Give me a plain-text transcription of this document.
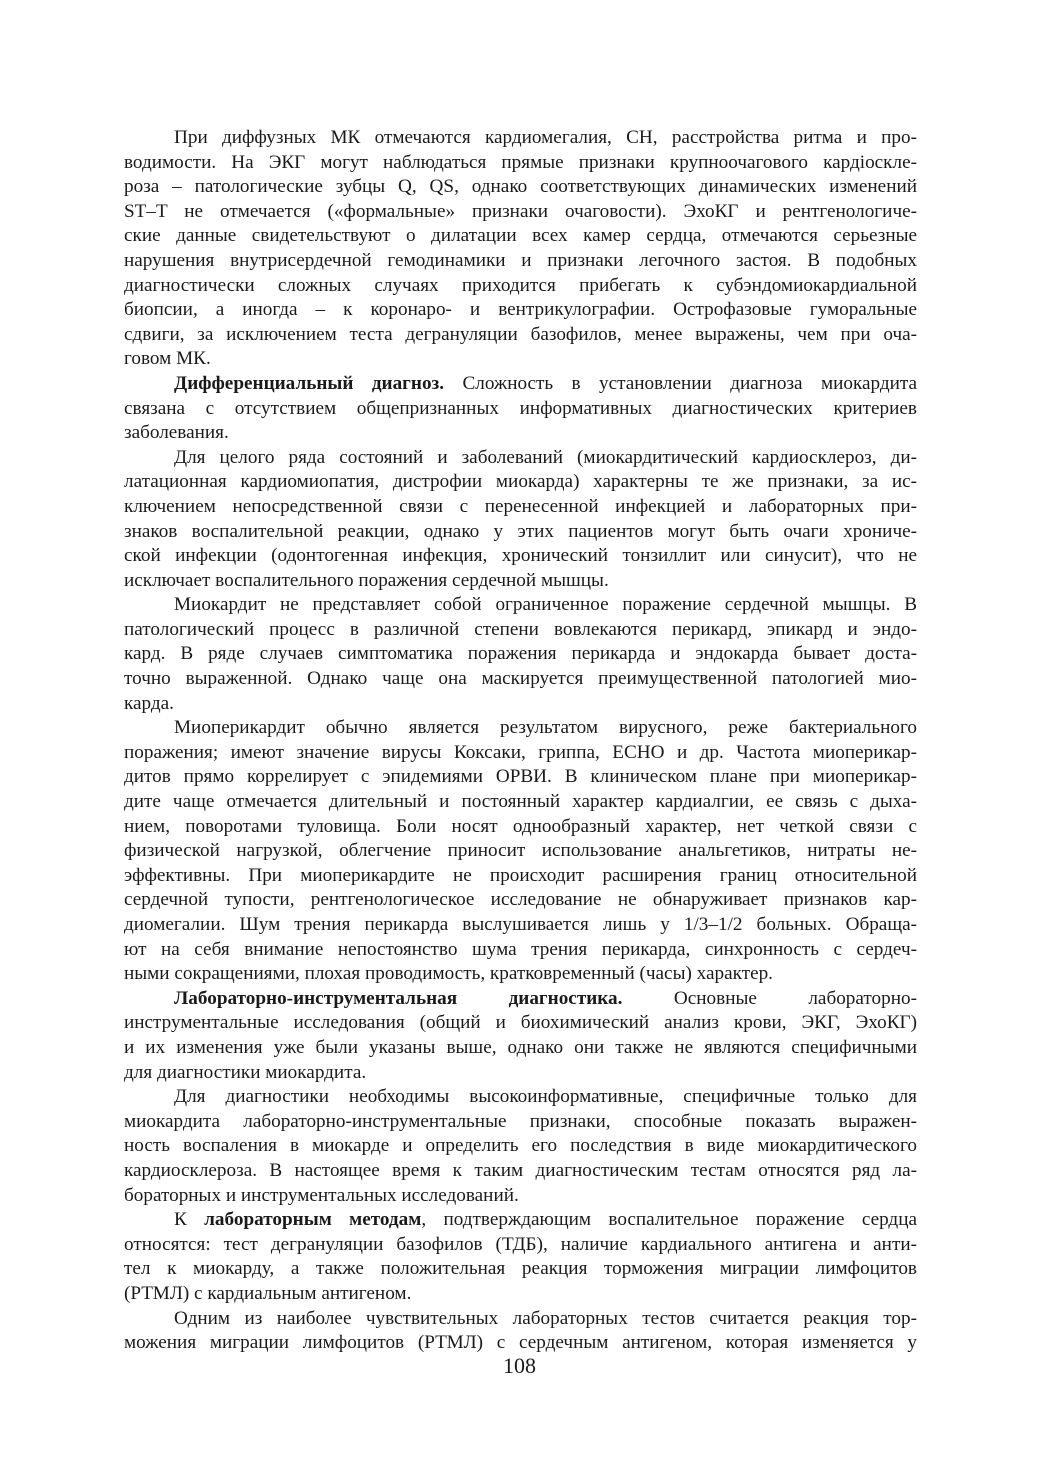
При диффузных МК отмечаются кардиомегалия, СН, расстройства ритма и про-
водимости. На ЭКГ могут наблюдаться прямые признаки крупноочагового кардioскле-
роза – патологические зубцы Q, QS, однако соответствующих динамических изменений
ST–T не отмечается («формальные» признаки очаговости). ЭхоКГ и рентгенологиче-
ские данные свидетельствуют о дилатации всех камер сердца, отмечаются серьезные
нарушения внутрисердечной гемодинамики и признаки легочного застоя. В подобных
диагностически сложных случаях приходится прибегать к субэндомиокардиальной
биопсии, а иногда – к коронаро- и вентрикулографии. Острофазовые гуморальные
сдвиги, за исключением теста дегрануляции базофилов, менее выражены, чем при оча-
говом МК.
Дифференциальный диагноз. Сложность в установлении диагноза миокардита
связана с отсутствием общепризнанных информативных диагностических критериев
заболевания.
Для целого ряда состояний и заболеваний (миокардитический кардиосклероз, ди-
латационная кардиомиопатия, дистрофии миокарда) характерны те же признаки, за ис-
ключением непосредственной связи с перенесенной инфекцией и лабораторных при-
знаков воспалительной реакции, однако у этих пациентов могут быть очаги хрониче-
ской инфекции (одонтогенная инфекция, хронический тонзиллит или синусит), что не
исключает воспалительного поражения сердечной мышцы.
Миокардит не представляет собой ограниченное поражение сердечной мышцы. В
патологический процесс в различной степени вовлекаются перикард, эпикард и эндо-
кард. В ряде случаев симптоматика поражения перикарда и эндокарда бывает доста-
точно выраженной. Однако чаще она маскируется преимущественной патологией мио-
карда.
Миоперикардит обычно является результатом вирусного, реже бактериального
поражения; имеют значение вирусы Коксаки, гриппа, ЕСНО и др. Частота миоперикар-
дитов прямо коррелирует с эпидемиями ОРВИ. В клиническом плане при миоперикар-
дите чаще отмечается длительный и постоянный характер кардиалгии, ее связь с дыха-
нием, поворотами туловища. Боли носят однообразный характер, нет четкой связи с
физической нагрузкой, облегчение приносит использование анальгетиков, нитраты не-
эффективны. При миоперикардите не происходит расширения границ относительной
сердечной тупости, рентгенологическое исследование не обнаруживает признаков кар-
диомегалии. Шум трения перикарда выслушивается лишь у 1/3–1/2 больных. Обраща-
ют на себя внимание непостоянство шума трения перикарда, синхронность с сердеч-
ными сокращениями, плохая проводимость, кратковременный (часы) характер.
Лабораторно-инструментальная диагностика. Основные лабораторно-
инструментальные исследования (общий и биохимический анализ крови, ЭКГ, ЭхоКГ)
и их изменения уже были указаны выше, однако они также не являются специфичными
для диагностики миокардита.
Для диагностики необходимы высокоинформативные, специфичные только для
миокардита лабораторно-инструментальные признаки, способные показать выражен-
ность воспаления в миокарде и определить его последствия в виде миокардитического
кардиосклероза. В настоящее время к таким диагностическим тестам относятся ряд ла-
бораторных и инструментальных исследований.
К лабораторным методам, подтверждающим воспалительное поражение сердца
относятся: тест дегрануляции базофилов (ТДБ), наличие кардиального антигена и анти-
тел к миокарду, а также положительная реакция торможения миграции лимфоцитов
(РТМЛ) с кардиальным антигеном.
Одним из наиболее чувствительных лабораторных тестов считается реакция тор-
можения миграции лимфоцитов (РТМЛ) с сердечным антигеном, которая изменяется у
108
